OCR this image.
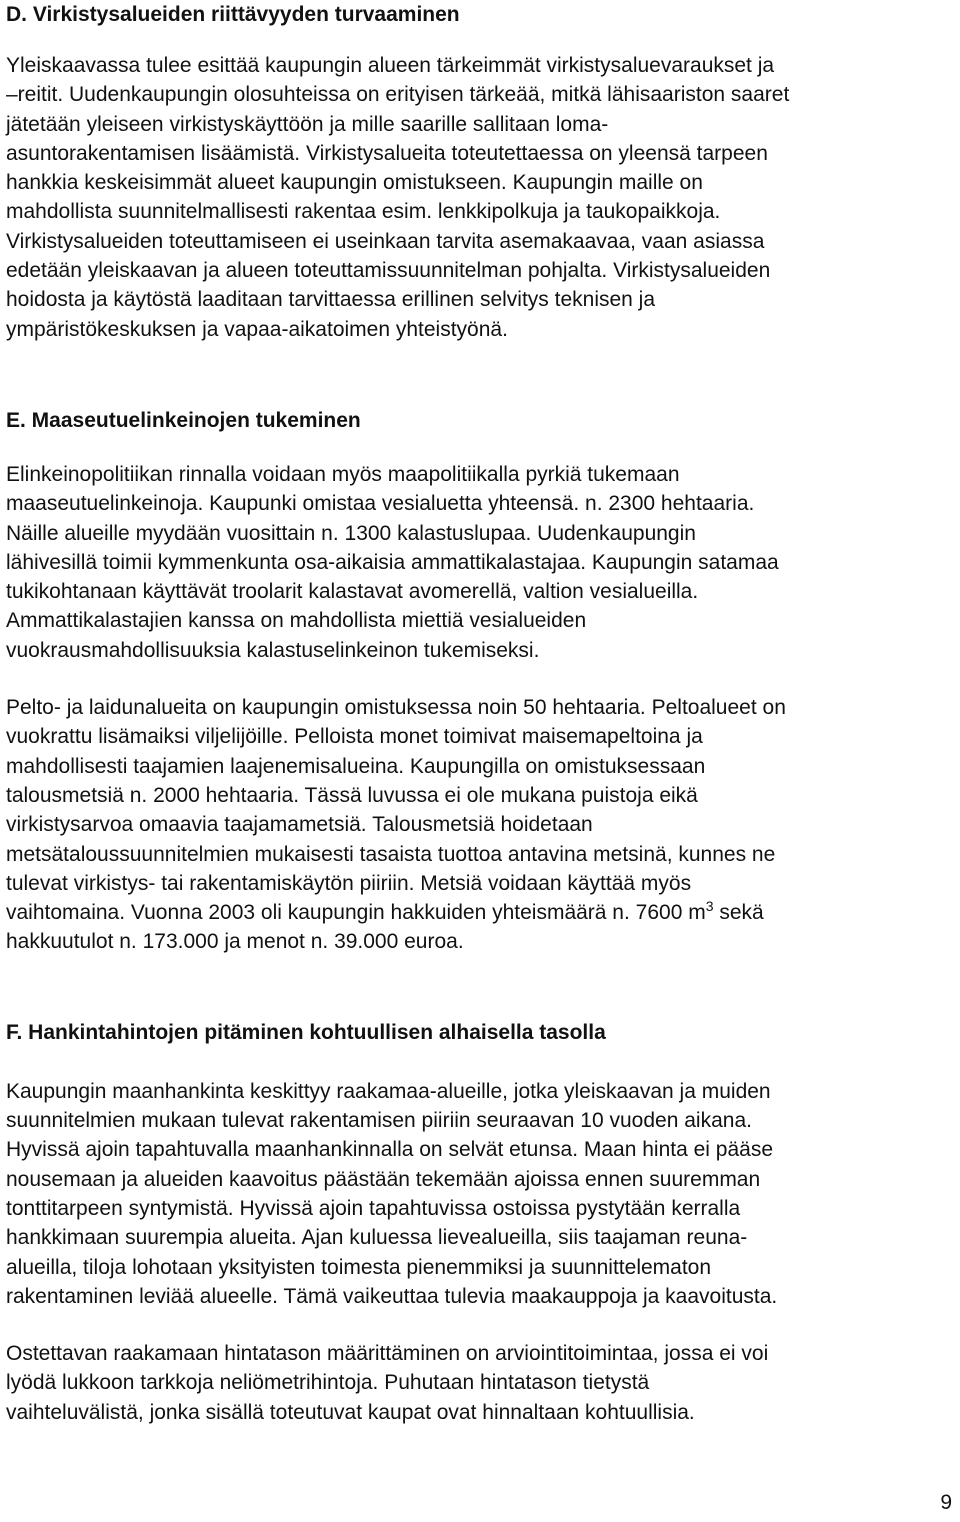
D. Virkistysalueiden riittävyyden turvaaminen
Yleiskaavassa tulee esittää kaupungin alueen tärkeimmät virkistysaluevaraukset ja
–reitit. Uudenkaupungin olosuhteissa on erityisen tärkeää, mitkä lähisaariston saaret
jätetään yleiseen virkistyskäyttöön ja mille saarille sallitaan loma-
asuntorakentamisen lisäämistä. Virkistysalueita toteutettaessa on yleensä tarpeen
hankkia keskeisimmät alueet kaupungin omistukseen. Kaupungin maille on
mahdollista suunnitelmallisesti rakentaa esim. lenkkipolkuja ja taukopaikkoja.
Virkistysalueiden toteuttamiseen ei useinkaan tarvita asemakaavaa, vaan asiassa
edetään yleiskaavan ja alueen toteuttamissuunnitelman pohjalta. Virkistysalueiden
hoidosta ja käytöstä laaditaan tarvittaessa erillinen selvitys teknisen ja
ympäristökeskuksen ja vapaa-aikatoimen yhteistyönä.
E. Maaseutuelinkeinojen tukeminen
Elinkeinopolitiikan rinnalla voidaan myös maapolitiikalla pyrkiä tukemaan
maaseutuelinkeinoja. Kaupunki omistaa vesialuetta yhteensä. n. 2300 hehtaaria.
Näille alueille myydään vuosittain n. 1300 kalastuslupaa. Uudenkaupungin
lähivesillä toimii kymmenkunta osa-aikaisia ammattikalastajaa. Kaupungin satamaa
tukikohtanaan käyttävät troolarit kalastavat avomerellä, valtion vesialueilla.
Ammattikalastajien kanssa on mahdollista miettiä vesialueiden
vuokrausmahdollisuuksia kalastuselinkeinon tukemiseksi.
Pelto- ja laidunalueita on kaupungin omistuksessa noin 50 hehtaaria. Peltoalueet on
vuokrattu lisämaiksi viljelijöille. Pelloista monet toimivat maisemapeltoina ja
mahdollisesti taajamien laajenemisalueina. Kaupungilla on omistuksessaan
talousmetsiä n. 2000 hehtaaria. Tässä luvussa ei ole mukana puistoja eikä
virkistysarvoa omaavia taajamametsiä. Talousmetsiä hoidetaan
metsätaloussuunnitelmien mukaisesti tasaista tuottoa antavina metsinä, kunnes ne
tulevat virkistys- tai rakentamiskäytön piiriin. Metsiä voidaan käyttää myös
vaihtomaina. Vuonna 2003 oli kaupungin hakkuiden yhteismäärä n. 7600 $m^3$ sekä
hakkuutulot n. 173.000 ja menot n. 39.000 euroa.
F. Hankintahintojen pitäminen kohtuullisen alhaisella tasolla
Kaupungin maanhankinta keskittyy raakamaa-alueille, jotka yleiskaavan ja muiden
suunnitelmien mukaan tulevat rakentamisen piiriin seuraavan 10 vuoden aikana.
Hyvissä ajoin tapahtuvalla maanhankinnalla on selvät etunsa. Maan hinta ei pääse
nousemaan ja alueiden kaavoitus päästään tekemään ajoissa ennen suuremman
tonttitarpeen syntymistä. Hyvissä ajoin tapahtuvissa ostoissa pystytään kerralla
hankkimaan suurempia alueita. Ajan kuluessa lievealueilla, siis taajaman reuna-
alueilla, tiloja lohotaan yksityisten toimesta pienemmiksi ja suunnittelematon
rakentaminen leviää alueelle. Tämä vaikeuttaa tulevia maakauppoja ja kaavoitusta.
Ostettavan raakamaan hintatason määrittäminen on arviointitoimintaa, jossa ei voi
lyödä lukkoon tarkkoja neliömetrihintoja. Puhutaan hintatason tietystä
vaihteluvälistä, jonka sisällä toteutuvat kaupat ovat hinnaltaan kohtuullisia.
9
